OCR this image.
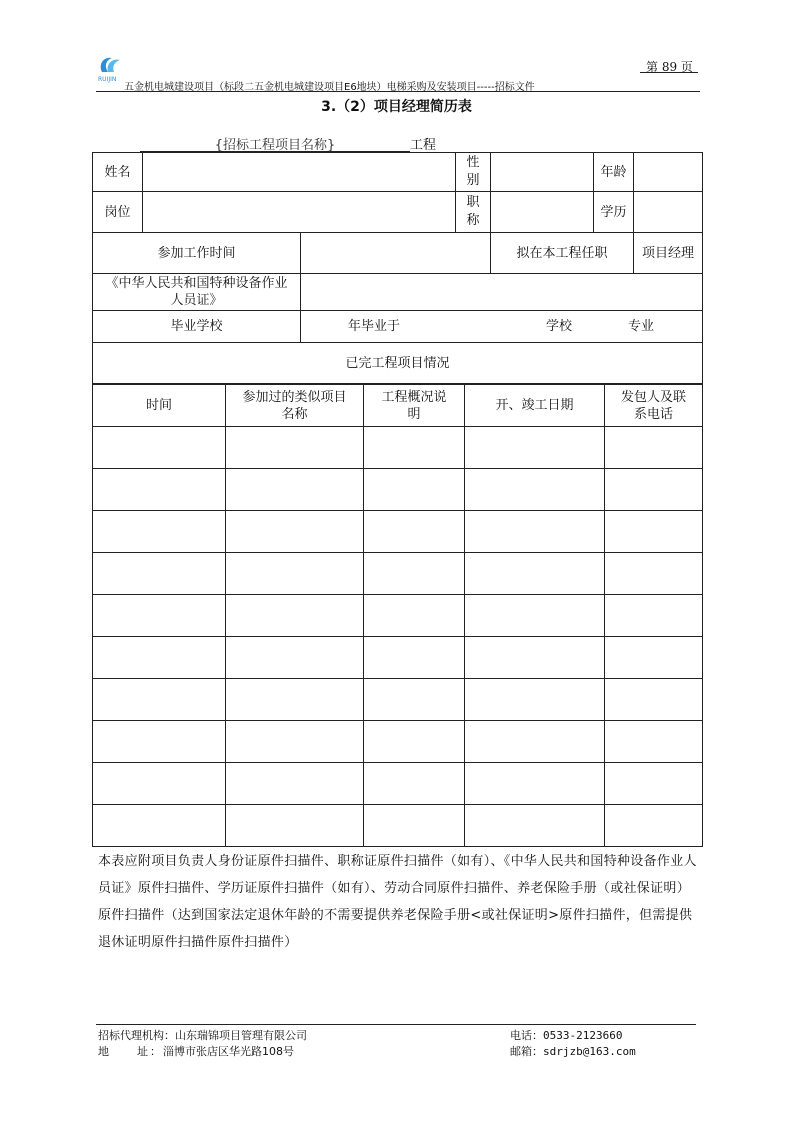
RUIJIN
五金机电城建设项目（标段二五金机电城建设项目E6地块）电梯采购及安装项目-----招标文件
第 89 页
3.（2）项目经理简历表
{招标工程项目名称}	工程
姓名			性别		年龄	
岗位			职称		学历	
参加工作时间				拟在本工程任职		项目经理
《中华人民共和国特种设备作业人员证》						
毕业学校		年毕业于 学校 专业				

已完工程项目情况						
时间	参加过的类似项目名称	工程概况说明	开、竣工日期	发包人及联系电话

本表应附项目负责人身份证原件扫描件、职称证原件扫描件（如有）、《中华人民共和国特种设备作业人员证》原件扫描件、学历证原件扫描件（如有）、劳动合同原件扫描件、养老保险手册（或社保证明）原件扫描件（达到国家法定退休年龄的不需要提供养老保险手册<或社保证明>原件扫描件，但需提供退休证明原件扫描件原件扫描件）
招标代理机构：山东瑞锦项目管理有限公司	电话：0533-2123660
地　　址：淄博市张店区华光路108号	邮箱：sdrjzb@163.com
